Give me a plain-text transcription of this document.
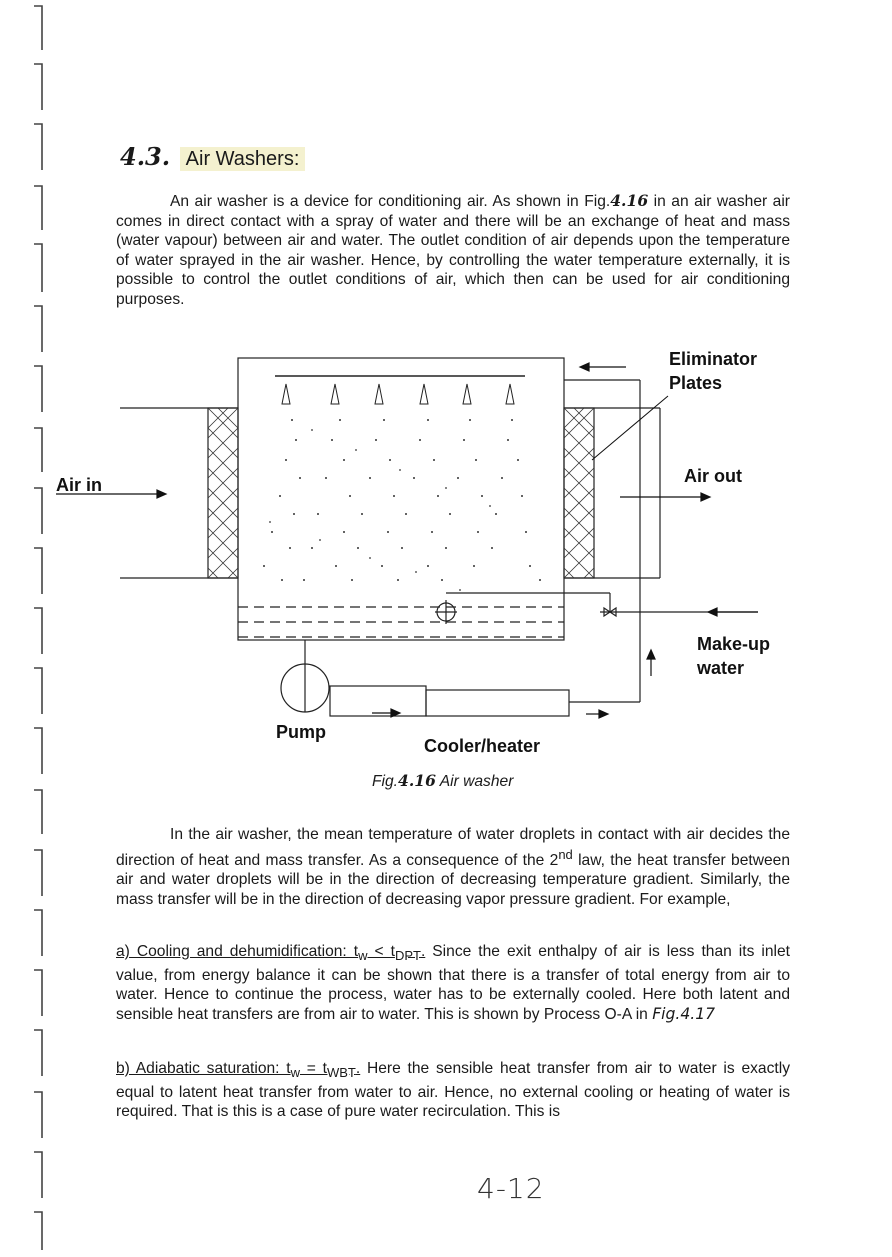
4.3. Air Washers:

An air washer is a device for conditioning air. As shown in Fig.4.16 in an air washer air comes in direct contact with a spray of water and there will be an exchange of heat and mass (water vapour) between air and water. The outlet condition of air depends upon the temperature of water sprayed in the air washer. Hence, by controlling the water temperature externally, it is possible to control the outlet conditions of air, which then can be used for air conditioning purposes.

Eliminator
Plates
Air in	Air out
Make-up
water
Pump
Cooler/heater
Fig.4.16 Air washer

In the air washer, the mean temperature of water droplets in contact with air decides the direction of heat and mass transfer. As a consequence of the 2nd law, the heat transfer between air and water droplets will be in the direction of decreasing temperature gradient. Similarly, the mass transfer will be in the direction of decreasing vapor pressure gradient. For example,

a) Cooling and dehumidification: $t_w < t_{DPT}$. Since the exit enthalpy of air is less than its inlet value, from energy balance it can be shown that there is a transfer of total energy from air to water. Hence to continue the process, water has to be externally cooled. Here both latent and sensible heat transfers are from air to water. This is shown by Process O-A in Fig.4.17

b) Adiabatic saturation: $t_w = t_{WBT}$. Here the sensible heat transfer from air to water is exactly equal to latent heat transfer from water to air. Hence, no external cooling or heating of water is required. That is this is a case of pure water recirculation. This is

4-12
